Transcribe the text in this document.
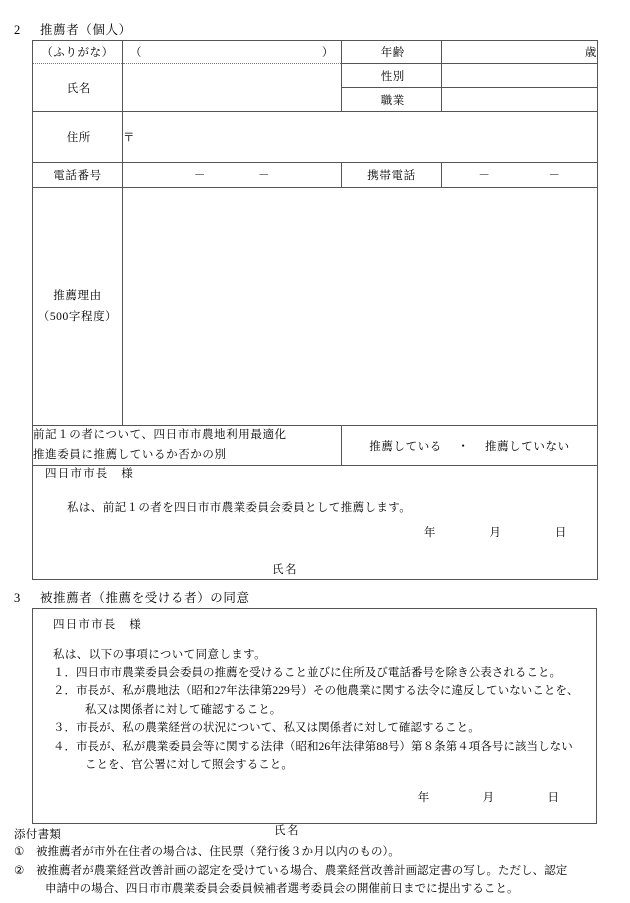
2 推薦者（個人）
（ふりがな）	（ ）	年齢	歳
氏名		性別	
		職業	
住所	〒		
電話番号	－ －	携帯電話	－ －

推薦理由
（500字程度）			

前記１の者について、四日市市農地利用最適化
推進委員に推薦しているか否かの別		推薦している ・ 推薦していない	

四日市市長　様
私は、前記１の者を四日市市農業委員会委員として推薦します。
年 月 日
氏名			
3 被推薦者（推薦を受ける者）の同意
四日市市長　様
私は、以下の事項について同意します。
１． 四日市市農業委員会委員の推薦を受けること並びに住所及び電話番号を除き公表されること。
２． 市長が、私が農地法（昭和27年法律第229号）その他農業に関する法令に違反していないことを、
私又は関係者に対して確認すること。
３． 市長が、私の農業経営の状況について、私又は関係者に対して確認すること。
４． 市長が、私が農業委員会等に関する法律（昭和26年法律第88号）第８条第４項各号に該当しない
ことを、官公署に対して照会すること。
年	月	日
氏名
添付書類
① 被推薦者が市外在住者の場合は、住民票（発行後３か月以内のもの）。
② 被推薦者が農業経営改善計画の認定を受けている場合、農業経営改善計画認定書の写し。ただし、認定
申請中の場合、四日市市農業委員会委員候補者選考委員会の開催前日までに提出すること。
